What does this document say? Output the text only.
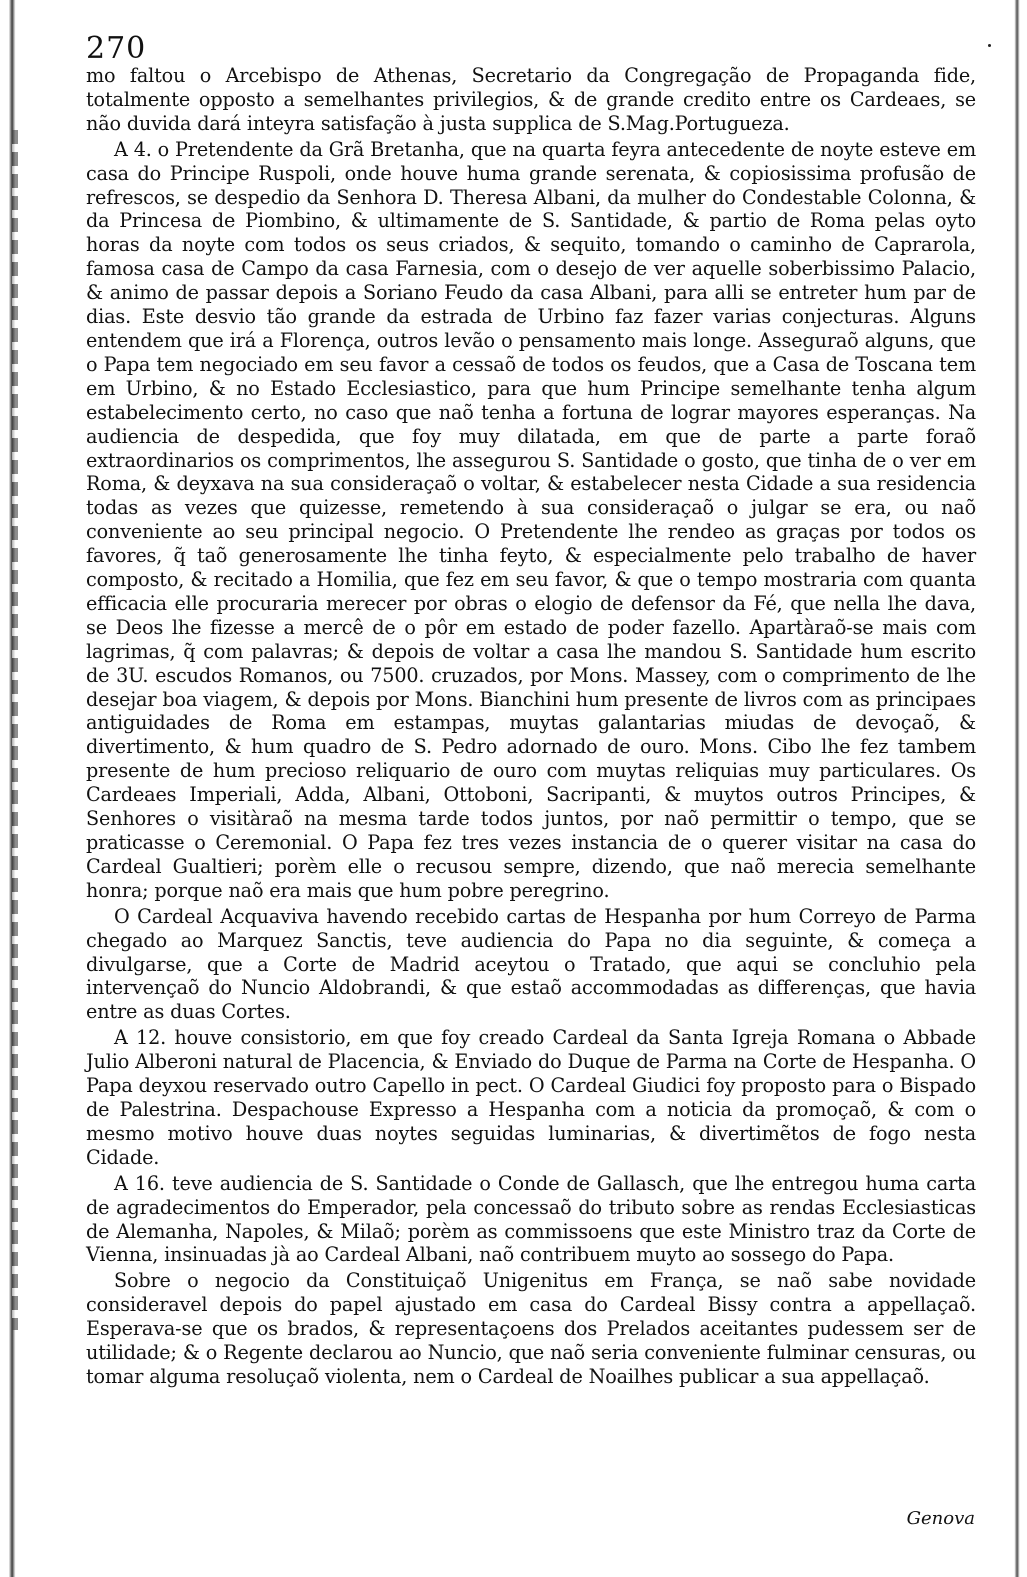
270

mo faltou o Arcebispo de Athenas, Secretario da Congregação de Propaganda fide, totalmente opposto a semelhantes privilegios, & de grande credito entre os Cardeaes, se não duvida dará inteyra satisfação à justa supplica de S.Mag.Portugueza.

A 4. o Pretendente da Grã Bretanha, que na quarta feyra antecedente de noyte esteve em casa do Principe Ruspoli, onde houve huma grande serenata, & copiosissima profusão de refrescos, se despedio da Senhora D. Theresa Albani, da mulher do Condestable Colonna, & da Princesa de Piombino, & ultimamente de S. Santidade, & partio de Roma pelas oyto horas da noyte com todos os seus criados, & sequito, tomando o caminho de Caprarola, famosa casa de Campo da casa Farnesia, com o desejo de ver aquelle soberbissimo Palacio, & animo de passar depois a Soriano Feudo da casa Albani, para alli se entreter hum par de dias. Este desvio tão grande da estrada de Urbino faz fazer varias conjecturas. Alguns entendem que irá a Florença, outros levão o pensamento mais longe. Asseguraõ alguns, que o Papa tem negociado em seu favor a cessaõ de todos os feudos, que a Casa de Toscana tem em Urbino, & no Estado Ecclesiastico, para que hum Principe semelhante tenha algum estabelecimento certo, no caso que naõ tenha a fortuna de lograr mayores esperanças. Na audiencia de despedida, que foy muy dilatada, em que de parte a parte foraõ extraordinarios os comprimentos, lhe assegurou S. Santidade o gosto, que tinha de o ver em Roma, & deyxava na sua consideraçaõ o voltar, & estabelecer nesta Cidade a sua residencia todas as vezes que quizesse, remetendo à sua consideraçaõ o julgar se era, ou naõ conveniente ao seu principal negocio. O Pretendente lhe rendeo as graças por todos os favores, q̃ taõ generosamente lhe tinha feyto, & especialmente pelo trabalho de haver composto, & recitado a Homilia, que fez em seu favor, & que o tempo mostraria com quanta efficacia elle procuraria merecer por obras o elogio de defensor da Fé, que nella lhe dava, se Deos lhe fizesse a mercê de o pôr em estado de poder fazello. Apartàraõ-se mais com lagrimas, q̃ com palavras; & depois de voltar a casa lhe mandou S. Santidade hum escrito de 3U. escudos Romanos, ou 7500. cruzados, por Mons. Massey, com o comprimento de lhe desejar boa viagem, & depois por Mons. Bianchini hum presente de livros com as principaes antiguidades de Roma em estampas, muytas galantarias miudas de devoçaõ, & divertimento, & hum quadro de S. Pedro adornado de ouro. Mons. Cibo lhe fez tambem presente de hum precioso reliquario de ouro com muytas reliquias muy particulares. Os Cardeaes Imperiali, Adda, Albani, Ottoboni, Sacripanti, & muytos outros Principes, & Senhores o visitàraõ na mesma tarde todos juntos, por naõ permittir o tempo, que se praticasse o Ceremonial. O Papa fez tres vezes instancia de o querer visitar na casa do Cardeal Gualtieri; porèm elle o recusou sempre, dizendo, que naõ merecia semelhante honra; porque naõ era mais que hum pobre peregrino.

O Cardeal Acquaviva havendo recebido cartas de Hespanha por hum Correyo de Parma chegado ao Marquez Sanctis, teve audiencia do Papa no dia seguinte, & começa a divulgarse, que a Corte de Madrid aceytou o Tratado, que aqui se concluhio pela intervençaõ do Nuncio Aldobrandi, & que estaõ accommodadas as differenças, que havia entre as duas Cortes.

A 12. houve consistorio, em que foy creado Cardeal da Santa Igreja Romana o Abbade Julio Alberoni natural de Placencia, & Enviado do Duque de Parma na Corte de Hespanha. O Papa deyxou reservado outro Capello in pect. O Cardeal Giudici foy proposto para o Bispado de Palestrina. Despachouse Expresso a Hespanha com a noticia da promoçaõ, & com o mesmo motivo houve duas noytes seguidas luminarias, & divertimẽtos de fogo nesta Cidade.

A 16. teve audiencia de S. Santidade o Conde de Gallasch, que lhe entregou huma carta de agradecimentos do Emperador, pela concessaõ do tributo sobre as rendas Ecclesiasticas de Alemanha, Napoles, & Milaõ; porèm as commissoens que este Ministro traz da Corte de Vienna, insinuadas jà ao Cardeal Albani, naõ contribuem muyto ao sossego do Papa.

Sobre o negocio da Constituiçaõ Unigenitus em França, se naõ sabe novidade consideravel depois do papel ajustado em casa do Cardeal Bissy contra a appellaçaõ. Esperava-se que os brados, & representaçoens dos Prelados aceitantes pudessem ser de utilidade; & o Regente declarou ao Nuncio, que naõ seria conveniente fulminar censuras, ou tomar alguma resoluçaõ violenta, nem o Cardeal de Noailhes publicar a sua appellaçaõ.

Genova
